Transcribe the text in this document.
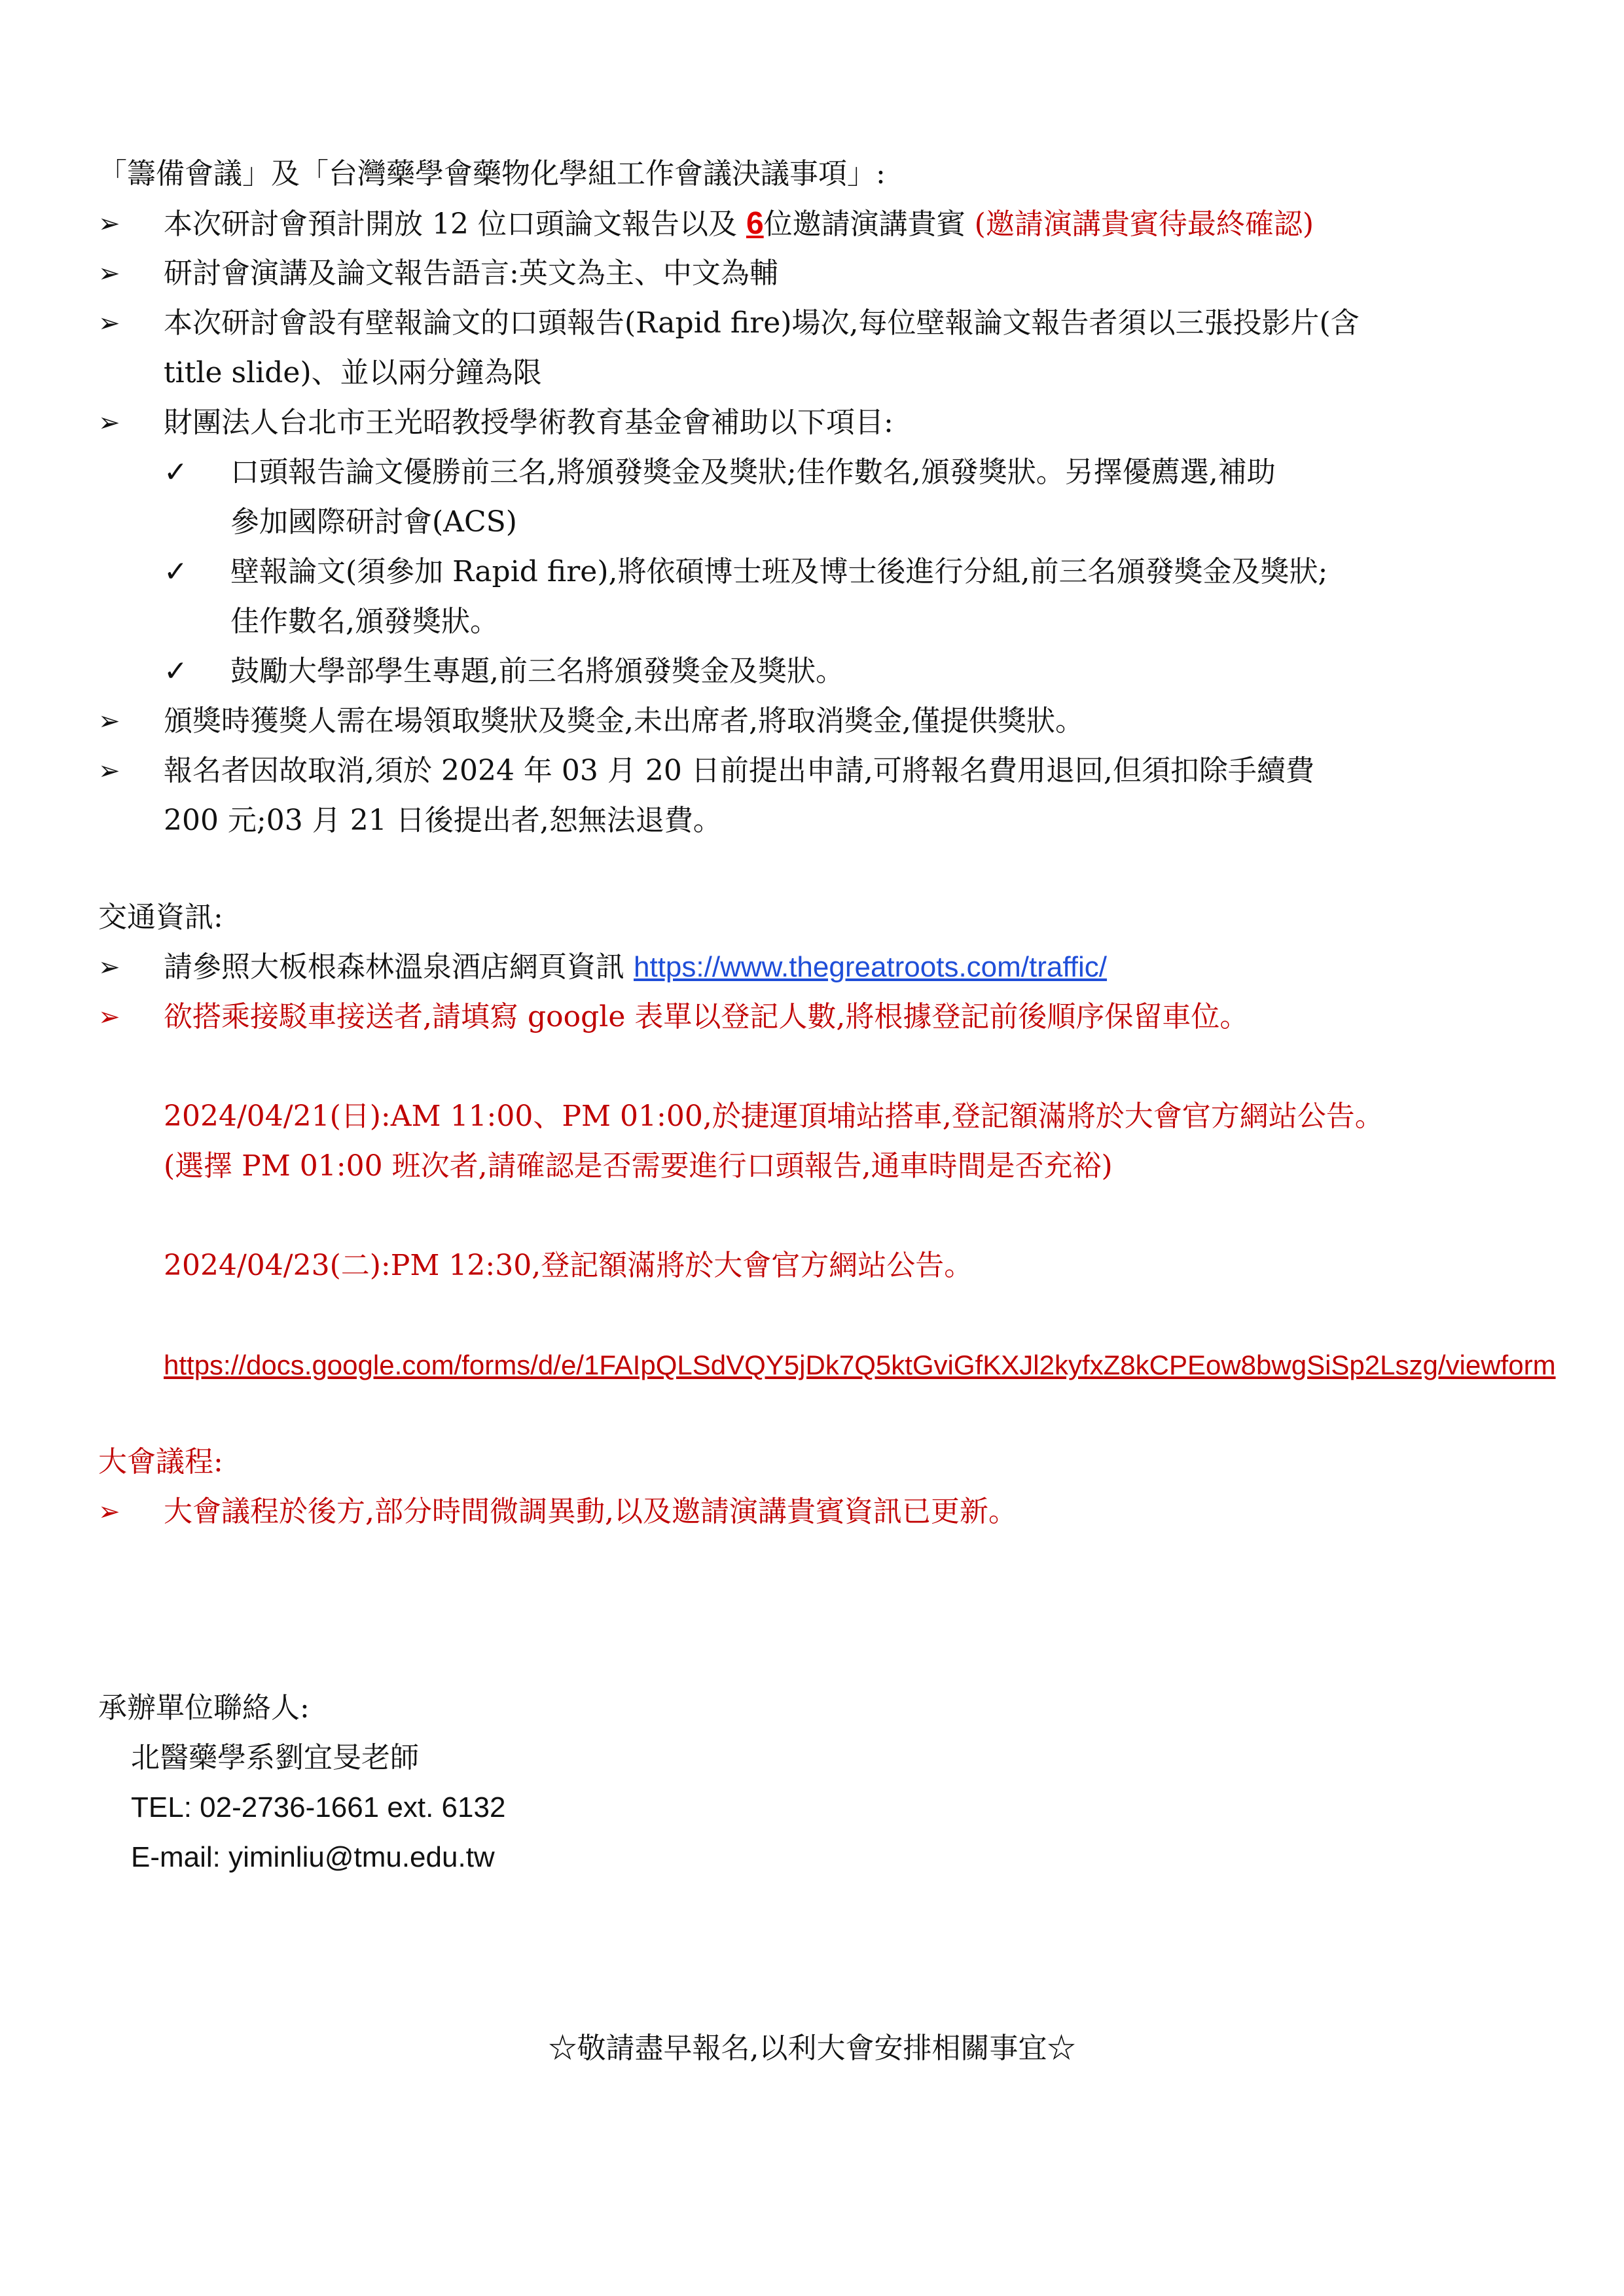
「籌備會議」及「台灣藥學會藥物化學組工作會議決議事項」:
➢ 本次研討會預計開放 12 位口頭論文報告以及 6位邀請演講貴賓 (邀請演講貴賓待最終確認)
➢ 研討會演講及論文報告語言:英文為主、中文為輔
➢ 本次研討會設有壁報論文的口頭報告(Rapid fire)場次,每位壁報論文報告者須以三張投影片(含
title slide)、並以兩分鐘為限
➢ 財團法人台北市王光昭教授學術教育基金會補助以下項目:
✓ 口頭報告論文優勝前三名,將頒發獎金及獎狀;佳作數名,頒發獎狀。另擇優薦選,補助
參加國際研討會(ACS)
✓ 壁報論文(須參加 Rapid fire),將依碩博士班及博士後進行分組,前三名頒發獎金及獎狀;
佳作數名,頒發獎狀。
✓ 鼓勵大學部學生專題,前三名將頒發獎金及獎狀。
➢ 頒獎時獲獎人需在場領取獎狀及獎金,未出席者,將取消獎金,僅提供獎狀。
➢ 報名者因故取消,須於 2024 年 03 月 20 日前提出申請,可將報名費用退回,但須扣除手續費
200 元;03 月 21 日後提出者,恕無法退費。
交通資訊:
➢ 請參照大板根森林溫泉酒店網頁資訊 https://www.thegreatroots.com/traffic/
➢ 欲搭乘接駁車接送者,請填寫 google 表單以登記人數,將根據登記前後順序保留車位。
2024/04/21(日):AM 11:00、PM 01:00,於捷運頂埔站搭車,登記額滿將於大會官方網站公告。
(選擇 PM 01:00 班次者,請確認是否需要進行口頭報告,通車時間是否充裕)
2024/04/23(二):PM 12:30,登記額滿將於大會官方網站公告。
https://docs.google.com/forms/d/e/1FAIpQLSdVQY5jDk7Q5ktGviGfKXJl2kyfxZ8kCPEow8bwgSiSp2Lszg/viewform
大會議程:
➢ 大會議程於後方,部分時間微調異動,以及邀請演講貴賓資訊已更新。
承辦單位聯絡人:
北醫藥學系劉宜旻老師
TEL: 02-2736-1661 ext. 6132
E-mail: yiminliu@tmu.edu.tw
☆敬請盡早報名,以利大會安排相關事宜☆
